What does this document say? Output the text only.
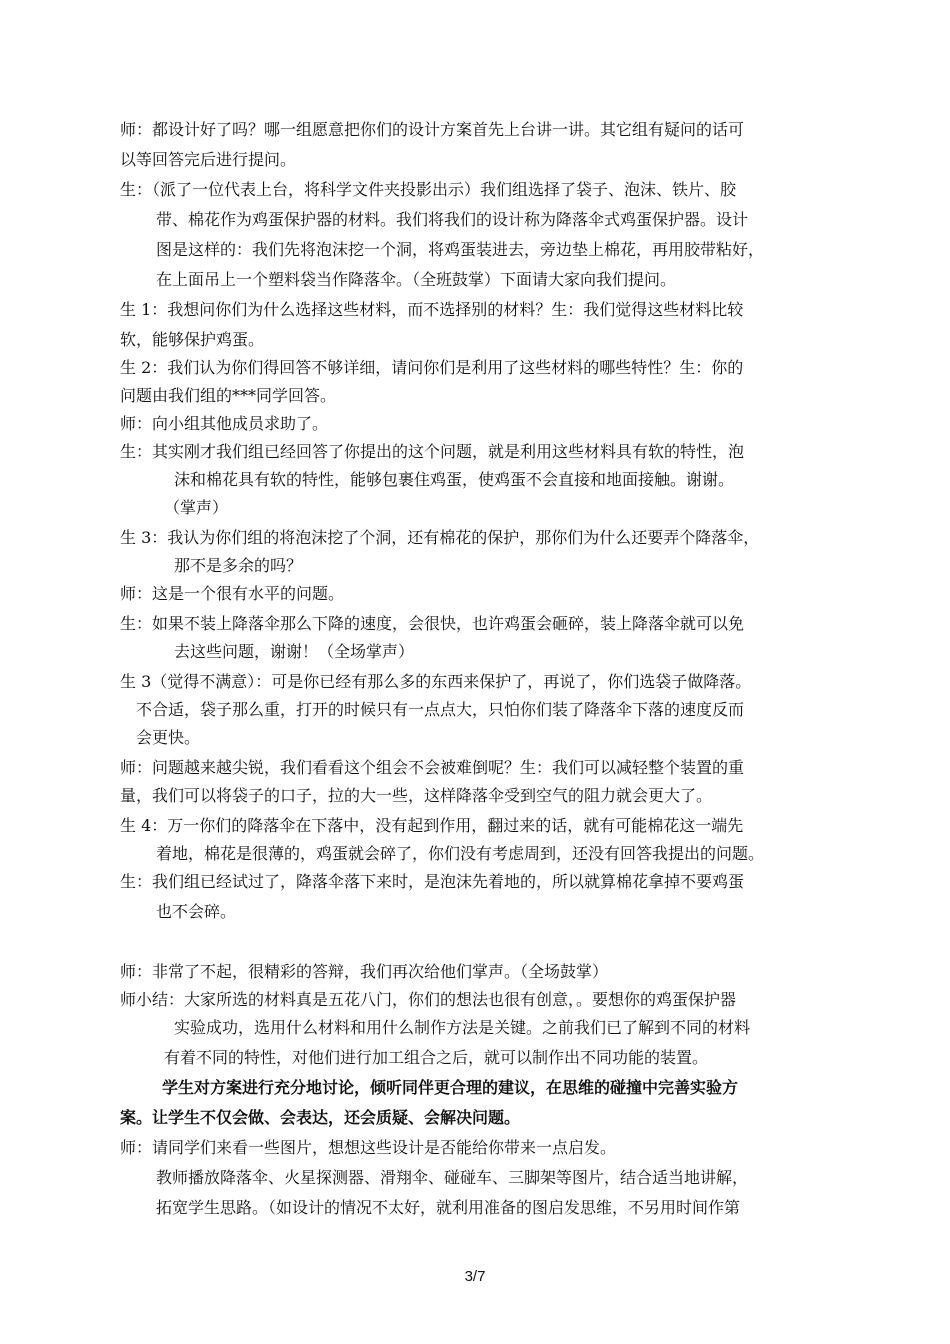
师：都设计好了吗？哪一组愿意把你们的设计方案首先上台讲一讲。其它组有疑问的话可
以等回答完后进行提问。
生：（派了一位代表上台，将科学文件夹投影出示）我们组选择了袋子、泡沫、铁片、胶
带、棉花作为鸡蛋保护器的材料。我们将我们的设计称为降落伞式鸡蛋保护器。设计
图是这样的：我们先将泡沫挖一个洞，将鸡蛋装进去，旁边垫上棉花，再用胶带粘好，
在上面吊上一个塑料袋当作降落伞。（全班鼓掌）下面请大家向我们提问。
生 1：我想问你们为什么选择这些材料，而不选择别的材料？生：我们觉得这些材料比较
软，能够保护鸡蛋。
生 2：我们认为你们得回答不够详细，请问你们是利用了这些材料的哪些特性？生：你的
问题由我们组的***同学回答。
师：向小组其他成员求助了。
生：其实刚才我们组已经回答了你提出的这个问题，就是利用这些材料具有软的特性，泡
沫和棉花具有软的特性，能够包裹住鸡蛋，使鸡蛋不会直接和地面接触。谢谢。
（掌声）
生 3：我认为你们组的将泡沫挖了个洞，还有棉花的保护，那你们为什么还要弄个降落伞，
那不是多余的吗？
师：这是一个很有水平的问题。
生：如果不装上降落伞那么下降的速度，会很快，也许鸡蛋会砸碎，装上降落伞就可以免
去这些问题，谢谢！（全场掌声）
生 3（觉得不满意）：可是你已经有那么多的东西来保护了，再说了，你们选袋子做降落。
不合适，袋子那么重，打开的时候只有一点点大，只怕你们装了降落伞下落的速度反而
会更快。
师：问题越来越尖锐，我们看看这个组会不会被难倒呢？生：我们可以减轻整个装置的重
量，我们可以将袋子的口子，拉的大一些，这样降落伞受到空气的阻力就会更大了。
生 4：万一你们的降落伞在下落中，没有起到作用，翻过来的话，就有可能棉花这一端先
着地，棉花是很薄的，鸡蛋就会碎了，你们没有考虑周到，还没有回答我提出的问题。
生：我们组已经试过了，降落伞落下来时，是泡沫先着地的，所以就算棉花拿掉不要鸡蛋
也不会碎。
师：非常了不起，很精彩的答辩，我们再次给他们掌声。（全场鼓掌）
师小结：大家所选的材料真是五花八门，你们的想法也很有创意，。要想你的鸡蛋保护器
实验成功，选用什么材料和用什么制作方法是关键。之前我们已了解到不同的材料
有着不同的特性，对他们进行加工组合之后，就可以制作出不同功能的装置。
学生对方案进行充分地讨论，倾听同伴更合理的建议，在思维的碰撞中完善实验方
案。让学生不仅会做、会表达，还会质疑、会解决问题。
师：请同学们来看一些图片，想想这些设计是否能给你带来一点启发。
教师播放降落伞、火星探测器、滑翔伞、碰碰车、三脚架等图片，结合适当地讲解，
拓宽学生思路。（如设计的情况不太好，就利用准备的图启发思维，不另用时间作第
3/7
